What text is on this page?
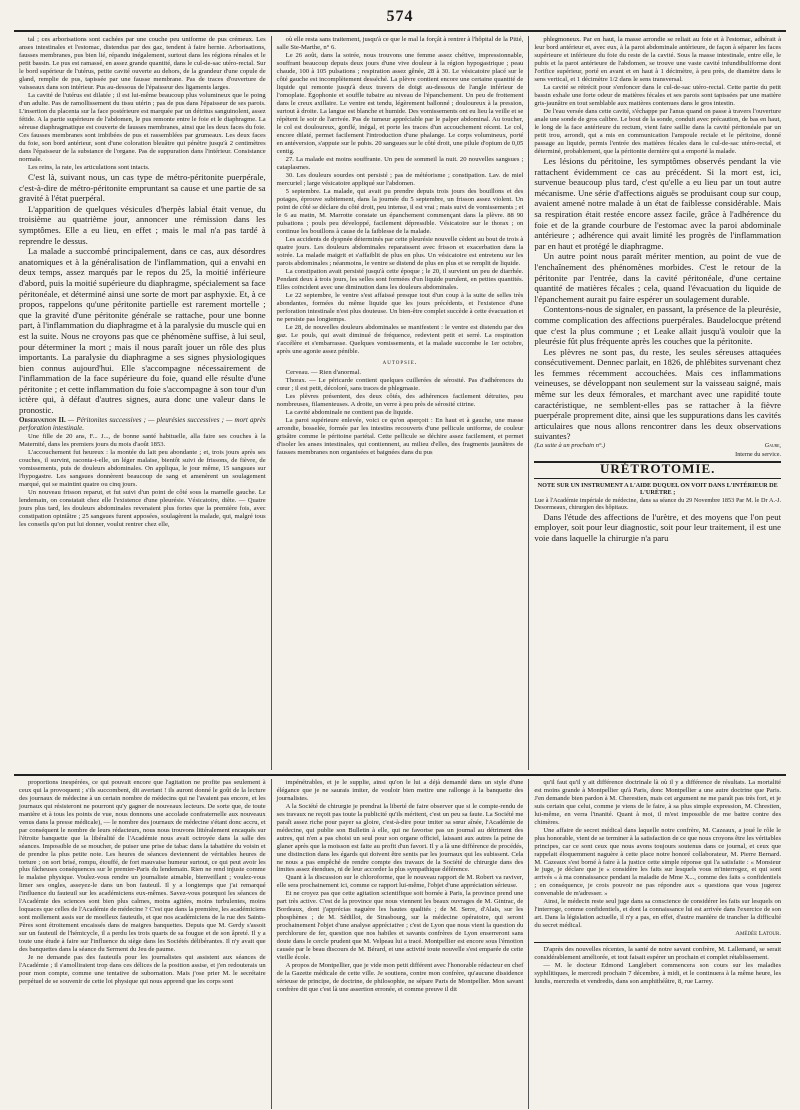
574

tal ; ces arborisations sont cachées par une couche peu uniforme de pus crémeux. Les anses intestinales et l'estomac, distendus par des gaz, tendent à faire hernie. Arborisations, fausses membranes, pus bien lié, répandu inégalement, surtout dans les régions rénales et le petit bassin. Le pus est ramassé, en assez grande quantité, dans le cul-de-sac utéro-rectal. Sur le bord supérieur de l'utérus, petite cavité ouverte au dehors, de la grandeur d'une copule de gland, remplie de pus, tapissée par une fausse membrane. Pas de traces d'ouverture de vaisseaux dans son intérieur. Pus au-dessous de l'épaisseur des ligaments larges.

La cavité de l'utérus est dilatée ; il est lui-même beaucoup plus volumineux que le poing d'un adulte. Pas de ramollissement du tissu utérin ; pas de pus dans l'épaisseur de ses parois. L'insertion du placenta sur la face postérieure est marquée par un détritus sanguinolent, assez fétide. A la partie supérieure de l'abdomen, le pus remonte entre le foie et le diaphragme. La séreuse diaphragmatique est couverte de fausses membranes, ainsi que les deux faces du foie. Ces fausses membranes sont imbibées de pus et rassemblées par grumeaux. Les deux faces du foie, son bord antérieur, sont d'une coloration bleuâtre qui pénètre jusqu'à 2 centimètres dans l'épaisseur de la substance de l'organe. Pas de suppuration dans l'intérieur. Consistance normale.

Les reins, la rate, les articulations sont intacts.

C'est là, suivant nous, un cas type de métro-péritonite puerpérale, c'est-à-dire de métro-péritonite empruntant sa cause et une partie de sa gravité à l'état puerpéral.

L'apparition de quelques vésicules d'herpès labial était venue, du troisième au quatrième jour, annoncer une rémission dans les symptômes. Elle a eu lieu, en effet ; mais le mal n'a pas tardé à reprendre le dessus.

La malade a succombé principalement, dans ce cas, aux désordres anatomiques et à la généralisation de l'inflammation, qui a envahi en deux temps, assez marqués par le repos du 25, la moitié inférieure d'abord, puis la moitié supérieure du diaphragme, spécialement sa face péritonéale, et déterminé ainsi une sorte de mort par asphyxie. Et, à ce propos, rappelons qu'une péritonite partielle est rarement mortelle ; que la gravité d'une péritonite générale se rattache, pour une bonne part, à l'inflammation du diaphragme et à la paralysie du muscle qui en est la suite. Nous ne croyons pas que ce phénomène suffise, à lui seul, pour déterminer la mort ; mais il nous paraît jouer un rôle des plus importants. La paralysie du diaphragme a ses signes physiologiques bien connus aujourd'hui. Elle s'accompagne nécessairement de l'inflammation de la face supérieure du foie, quand elle résulte d'une péritonite ; et cette inflammation du foie s'accompagne à son tour d'un ictère qui, à défaut d'autres signes, aura donc une valeur dans le pronostic.

Observation II. — Péritonites successives ; — pleurésies successives ; — mort après perforation intestinale.

Une fille de 20 ans, F... J..., de bonne santé habituelle, alla faire ses couches à la Maternité, dans les premiers jours du mois d'août 1853.

L'accouchement fut heureux : la montée du lait peu abondante ; et, trois jours après ses couches, il survint, raconta-t-elle, un léger malaise, bientôt suivi de frissons, de fièvre, de vomissements, puis de douleurs abdominales. On appliqua, le jour même, 15 sangsues sur l'hypogastre. Les sangsues donnèrent beaucoup de sang et amenèrent un soulagement marqué, qui se maintint quatre ou cinq jours.

Un nouveau frisson reparut, et fut suivi d'un point de côté sous la mamelle gauche. Le lendemain, on constatait chez elle l'existence d'une pleurésie. Vésicatoire, diète. — Quatre jours plus tard, les douleurs abdominales revenaient plus fortes que la première fois, avec constipation opiniâtre ; 25 sangsues furent apposées, soulagèrent la malade, qui, malgré tous les conseils qu'on put lui donner, voulut rentrer chez elle,

où elle resta sans traitement, jusqu'à ce que le mal la forçât à rentrer à l'hôpital de la Pitié, salle Ste-Marthe, n° 6.

Le 26 août, dans la soirée, nous trouvons une femme assez chétive, impressionnable, souffrant beaucoup depuis deux jours d'une vive douleur à la région hypogastrique ; peau chaude, 100 à 105 pulsations ; respiration assez gênée, 28 à 30. Le vésicatoire placé sur le côté gauche est incomplètement desséché. La plèvre contient encore une certaine quantité de liquide qui remonte jusqu'à deux travers de doigt au-dessous de l'angle inférieur de l'omoplate. Égophonie et souffle tubaire au niveau de l'épanchement. Un peu de frottement dans le creux axillaire. Le ventre est tendu, légèrement ballonné ; douloureux à la pression, surtout à droite. La langue est blanche et humide. Des vomissements ont eu lieu la veille et se répètent le soir de l'arrivée. Pas de tumeur appréciable par le palper abdominal. Au toucher, le col est douloureux, gonflé, inégal, et porte les traces d'un accouchement récent. Le col, encore dilaté, permet facilement l'introduction d'une phalange. Le corps volumineux, porté en antéversion, s'appuie sur le pubis. 20 sangsues sur le côté droit, une pilule d'opium de 0,05 centig.

27. La malade est moins souffrante. Un peu de sommeil la nuit. 20 nouvelles sangsues ; cataplasmes.

30. Les douleurs sourdes ont persisté ; pas de météorisme ; constipation. Lav. de miel mercuriel ; large vésicatoire appliqué sur l'abdomen.

5 septembre. La malade, qui avait pu prendre depuis trois jours des bouillons et des potages, éprouve subitement, dans la journée du 5 septembre, un frisson assez violent. Un point de côté se déclare du côté droit, peu intense, il est vrai ; mais suivi de vomissements ; et le 6 au matin, M. Marrotte constate un épanchement commençant dans la plèvre. 88 90 pulsations ; pouls peu développé, facilement dépressible. Vésicatoire sur le thorax ; on continue les bouillons à cause de la faiblesse de la malade.

Les accidents de dyspnée déterminés par cette pleurésie nouvelle cèdent au bout de trois à quatre jours. Les douleurs abdominales reparaissent avec frisson et exacerbation dans la soirée. La malade maigrit et s'affaiblit de plus en plus. Un vésicatoire est entretenu sur les parois abdominales ; néanmoins, le ventre se distend de plus en plus et se remplit de liquide.

La constipation avait persisté jusqu'à cette époque ; le 20, il survient un peu de diarrhée. Pendant deux à trois jours, les selles sont formées d'un liquide purulent, en petites quantités. Elles coïncident avec une diminution dans les douleurs abdominales.

Le 22 septembre, le ventre s'est affaissé presque tout d'un coup à la suite de selles très abondantes, formées du même liquide que les jours précédents, et l'existence d'une perforation intestinale n'est plus douteuse. Un bien-être complet succède à cette évacuation et ne persiste pas longtemps.

Le 28, de nouvelles douleurs abdominales se manifestent : le ventre est distendu par des gaz. Le pouls, qui avait diminué de fréquence, redevient petit et serré. La respiration s'accélère et s'embarrasse. Quelques vomissements, et la malade succombe le 1er octobre, après une agonie assez pénible.

autopsie.

Cerveau. — Rien d'anormal.

Thorax. — Le péricarde contient quelques cuillerées de sérosité. Pas d'adhérences du cœur ; il est petit, décoloré, sans traces de phlegmasie.

Les plèvres présentent, des deux côtés, des adhérences facilement détruites, peu nombreuses, filamenteuses. A droite, un verre à peu près de sérosité citrine.

La cavité abdominale ne contient pas de liquide.

La paroi supérieure enlevée, voici ce qu'on aperçoit : En haut et à gauche, une masse arrondie, bosselée, formée par les intestins recouverts d'une pellicule uniforme, de couleur grisâtre comme le péritoine pariétal. Cette pellicule se déchire assez facilement, et permet d'isoler les anses intestinales, qui contiennent, au milieu d'elles, des fragments jaunâtres de fausses membranes non organisées et baignées dans du pus

phlegmoneux. Par en haut, la masse arrondie se reliait au foie et à l'estomac, adhérait à leur bord antérieur et, avec eux, à la paroi abdominale antérieure, de façon à séparer les faces supérieure et inférieure du foie du reste de la cavité. Sous la masse intestinale, entre elle, le pubis et la paroi antérieure de l'abdomen, se trouve une vaste cavité infundibuliforme dont l'orifice supérieur, porté en avant et en haut à 1 décimètre, à peu près, de diamètre dans le sens vertical, et 1 décimètre 1/2 dans le sens transversal.

La cavité se rétrécit pour s'enfoncer dans le cul-de-sac utéro-rectal. Cette partie du petit bassin exhale une forte odeur de matières fécales et ses parois sont tapissées par une matière gris-jaunâtre en tout semblable aux matières contenues dans le gros intestin.

De l'eau versée dans cette cavité, s'échappe par l'anus quand on passe à travers l'ouverture anale une sonde de gros calibre. Le bout de la sonde, conduit avec précaution, de bas en haut, le long de la face antérieure du rectum, vient faire saillie dans la cavité péritonéale par un petit trou, arrondi, qui a mis en communication l'ampoule rectale et le péritoine, donné passage au liquide, permis l'entrée des matières fécales dans le cul-de-sac utéro-rectal, et déterminé, probablement, que la péritonite dernière qui a emporté la malade.

Les lésions du péritoine, les symptômes observés pendant la vie rattachent évidemment ce cas au précédent. Si la mort est, ici, survenue beaucoup plus tard, c'est qu'elle a eu lieu par un tout autre mécanisme. Une série d'affections aiguës se produisant coup sur coup, avaient amené notre malade à un état de faiblesse considérable. Mais sa respiration était restée encore assez facile, grâce à l'adhérence du foie et de la grande courbure de l'estomac avec la paroi abdominale antérieure ; adhérence qui avait limité les progrès de l'inflammation par en haut et protégé le diaphragme.

Un autre point nous paraît mériter mention, au point de vue de l'enchaînement des phénomènes morbides. C'est le retour de la péritonite par l'entrée, dans la cavité péritonéale, d'une certaine quantité de matières fécales ; cela, quand l'évacuation du liquide de l'épanchement aurait pu faire espérer un soulagement durable.

Contentons-nous de signaler, en passant, la présence de la pleurésie, comme complication des affections puerpérales. Baudelocque prétend que c'est la plus commune ; et Leake allait jusqu'à vouloir que la pleurésie fût plus fréquente après les couches que la péritonite.

Les plèvres ne sont pas, du reste, les seules séreuses attaquées consécutivement. Dennec parlait, en 1826, de phlébites survenant chez les femmes récemment accouchées. Mais ces inflammations veineuses, se développant non seulement sur la vaisseau saigné, mais même sur les deux fémorales, et marchant avec une rapidité toute caractéristique, ne semblent-elles pas se rattacher à la fièvre puerpérale proprement dite, ainsi que les suppurations dans les cavités articulaires que nous allons rencontrer dans les deux observations suivantes?

(La suite à un prochain n°.)	Gaube,

Interne du service.

URÉTROTOMIE.

NOTE SUR UN INSTRUMENT A L'AIDE DUQUEL ON VOIT DANS L'INTÉRIEUR DE L'URÈTRE ;

Lue à l'Académie impériale de médecine, dans sa séance du 29 Novembre 1853 Par M. le Dr A.-J. Desormeaux, chirurgien des hôpitaux.

Dans l'étude des affections de l'urètre, et des moyens que l'on peut employer, soit pour leur diagnostic, soit pour leur traitement, il est une voie dans laquelle la chirurgie n'a paru

proportions inespérées, ce qui pouvait encore que l'agitation ne profite pas seulement à ceux qui la provoquent ; s'ils succombent, dit avertant ! ils auront donné le goût de la lecture des journaux de médecine à un certain nombre de médecins qui ne l'avaient pas encore, et les journaux qui résisteront ne pourront qu'y gagner de nouveaux lecteurs. De sorte que, de toute manière et à tous les points de vue, nous donnons une accolade confraternelle aux nouveaux venus dans la presse médicale), — le nombre des journaux de médecine s'étant donc accru, et par conséquent le nombre de leurs rédacteurs, nous nous trouvons littéralement encaqués sur l'étroite banquette que la libéralité de l'Académie nous avait octroyée dans la salle des séances. Impossible de se moucher, de puiser une prise de tabac dans la tabatière du voisin et de prendre la plus petite note. Les heures de séances deviennent de véritables heures de torture ; on sort brisé, rompu, étouffé, de fort mauvaise humeur surtout, ce qui peut avoir les plus fâcheuses conséquences sur le premier-Paris du lendemain. Rien ne rend injuste comme le malaise physique. Voulez-vous rendre un journaliste aimable, bienveillant ; voulez-vous limer ses ongles, asseyez-le dans un bon fauteuil. Il y a longtemps que j'ai remarqué l'influence du fauteuil sur les académiciens eux-mêmes. Savez-vous pourquoi les séances de l'Académie des sciences sont bien plus calmes, moins agitées, moins turbulentes, moins loquaces que celles de l'Académie de médecine ? C'est que dans la première, les académiciens sont mollement assis sur de moelleux fauteuils, et que nos académiciens de la rue des Saints-Pères sont étroitement encaissés dans de maigres banquettes. Depuis que M. Gerdy s'assoit sur un fauteuil de l'hémicycle, il a perdu les trois quarts de sa fougue et de son âpreté. Il y a toute une étude à faire sur l'influence du siège dans les Sociétés délibérantes. Il n'y avait que des banquettes dans la séance du Serment du Jeu de paume.

Je ne demande pas des fauteuils pour les journalistes qui assistent aux séances de l'Académie ; il s'amolliraient trop dans ces délices de la position assise, et j'en redouterais un pour mon compte, comme une tentative de subornation. Mais j'ose prier M. le secrétaire perpétuel de se souvenir de cette loi physique qui nous apprend que les corps sont

impénétrables, et je le supplie, ainsi qu'on le lui a déjà demandé dans un style d'une élégance que je ne saurais imiter, de vouloir bien mettre une rallonge à la banquette des journalistes.

A la Société de chirurgie je prendrai la liberté de faire observer que si le compte-rendu de ses travaux ne reçoit pas toute la publicité qu'ils méritent, c'est un peu sa faute. La Société me paraît assez riche pour payer sa gloire, c'est-à-dire pour imiter sa sœur aînée, l'Académie de médecine, qui publie son Bulletin à elle, qui ne favorise pas un journal au détriment des autres, qui n'en a pas choisi un seul pour son organe officiel, laissant aux autres la peine de glaner après que la moisson est faite au profit d'un favori. Il y a là une différence de procédés, une distinction dans les égards qui doivent être sentis par les journaux qui les subissent. Cela ne nous a pas empêché de rendre compte des travaux de la Société de chirurgie dans des limites assez étendues, ni de leur accorder la plus sympathique déférence.

Quant à la discussion sur le chloroforme, que le nouveau rapport de M. Robert va raviver, elle sera prochainement ici, comme ce rapport lui-même, l'objet d'une appréciation sérieuse.

Et ne croyez pas que cette agitation scientifique soit bornée à Paris, la province prend une part très active. C'est de la province que nous viennent les beaux ouvrages de M. Gintrac, de Bordeaux, dont j'apprécias naguère les hautes qualités ; de M. Serre, d'Alais, sur les phosphènes ; de M. Sédillot, de Strasbourg, sur la médecine opératoire, qui seront prochainement l'objet d'une analyse appréciative ; c'est de Lyon que nous vient la question du perchlorure de fer, question que nos habiles et savants confrères de Lyon enserreront sans doute dans le cercle prudent que M. Velpeau lui a tracé. Montpellier est encore sous l'émotion causée par le beau discours de M. Bérard, et une activité toute nouvelle s'est emparée de cette vieille école.

A propos de Montpellier, que je vide mon petit différent avec l'honorable rédacteur en chef de la Gazette médicale de cette ville. Je soutiens, contre mon confrère, qu'aucune dissidence sérieuse de principe, de doctrine, de philosophie, ne sépare Paris de Montpellier. Mon savant confrère dit que c'est là une assertion erronée, et comme preuve il dit

qu'il faut qu'il y ait différence doctrinale là où il y a différence de résultats. La mortalité est moins grande à Montpellier qu'à Paris, donc Montpellier a une autre doctrine que Paris. J'en demande bien pardon à M. Cherestien, mais cet argument ne me paraît pas très fort, et je suis certain que celui, comme je viens de le faire, à sa plus simple expression, M. Chrestien, lui-même, en verra l'inanité. Quant à moi, il m'est impossible de me battre contre des chimères.

Une affaire de secret médical dans laquelle notre confrère, M. Cazeaux, a joué le rôle le plus honorable, vient de se terminer à la satisfaction de ce que nous croyons être les véritables principes, car ce sont ceux que nous avons toujours soutenus dans ce journal, et ceux que rappelait éloquemment naguère à cette place notre honoré collaborateur, M. Pierre Bernard. M. Cazeaux s'est borné à faire à la justice cette simple réponse qui l'a satisfaite : « Monsieur le juge, je déclare que je « considère les faits sur lesquels vous m'interrogez, et qui sont arrivés « à ma connaissance pendant la maladie de Mme X..., comme des faits « confidentiels ; en conséquence, je crois pouvoir ne pas répondre aux « questions que vous jugerez convenable de m'adresser. »

Ainsi, le médecin reste seul juge dans sa conscience de considérer les faits sur lesquels on l'interroge, comme confidentiels, et dont la connaissance lui est arrivée dans l'exercice de son art. Dans la législation actuelle, il n'y a pas, en effet, d'autre manière de trancher la difficulté du secret médical.

Amédée Latour.

D'après des nouvelles récentes, la santé de notre savant confrère, M. Lallemand, se serait considérablement améliorée, et tout faisait espérer un prochain et complet rétablissement.

— M. le docteur Edmond Langlebert commencera son cours sur les maladies syphilitiques, le mercredi prochain 7 décembre, à midi, et le continuera à la même heure, les lundis, mercredis et vendredis, dans son amphithéâtre, 8, rue Larrey.
